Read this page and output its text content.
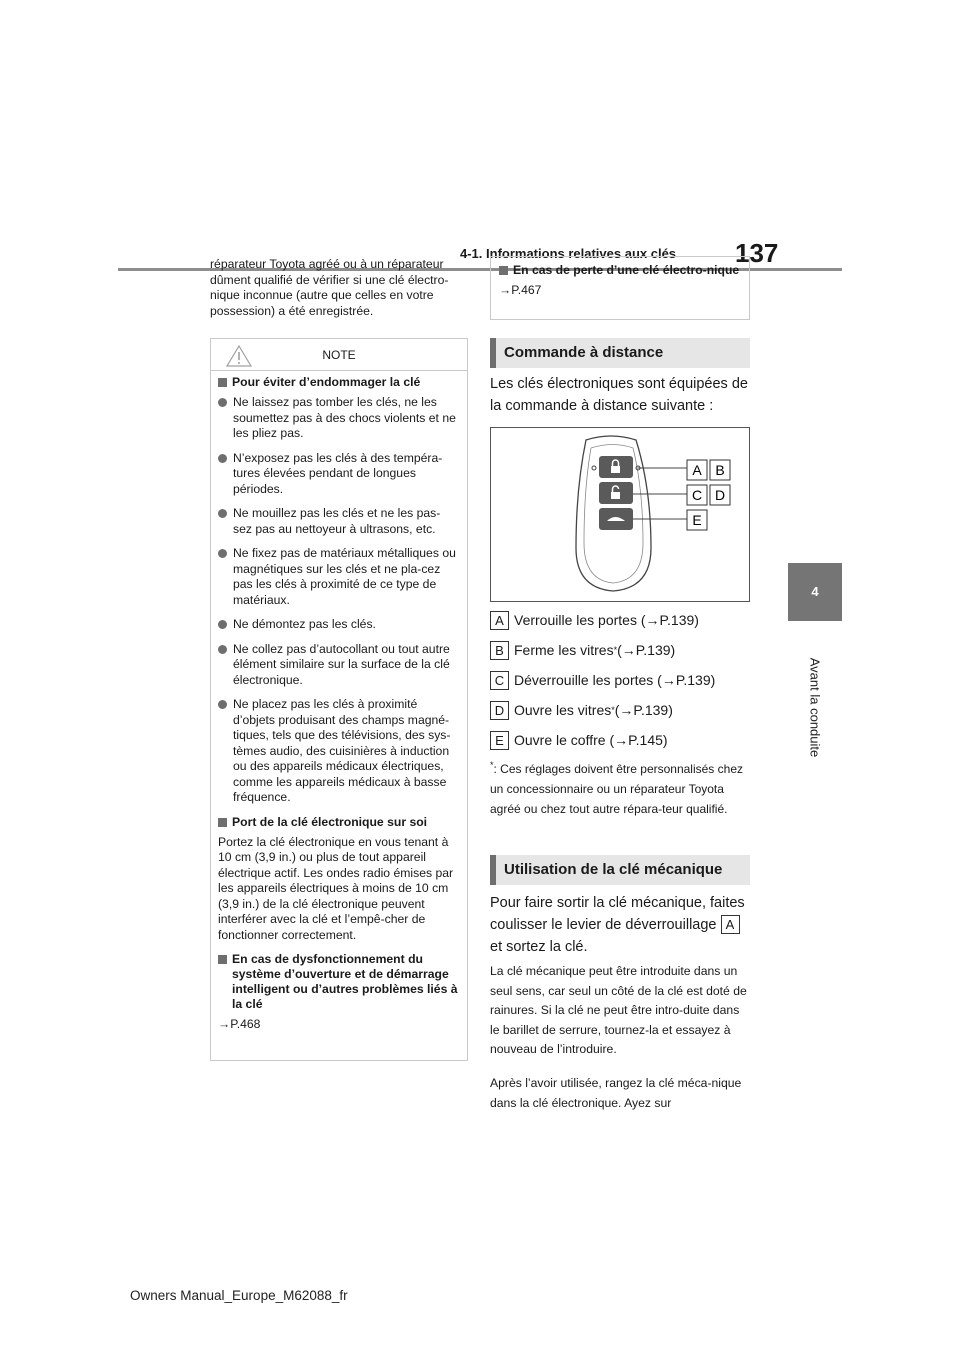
4-1. Informations relatives aux clés	137
4
Avant la conduite

réparateur Toyota agréé ou à un réparateur dûment qualifié de vérifier si une clé électro-nique inconnue (autre que celles en votre possession) a été enregistrée.

NOTE
Pour éviter d’endommager la clé
Ne laissez pas tomber les clés, ne les soumettez pas à des chocs violents et ne les pliez pas.
N’exposez pas les clés à des tempéra-tures élevées pendant de longues périodes.
Ne mouillez pas les clés et ne les pas-sez pas au nettoyeur à ultrasons, etc.
Ne fixez pas de matériaux métalliques ou magnétiques sur les clés et ne pla-cez pas les clés à proximité de ce type de matériaux.
Ne démontez pas les clés.
Ne collez pas d’autocollant ou tout autre élément similaire sur la surface de la clé électronique.
Ne placez pas les clés à proximité d’objets produisant des champs magné-tiques, tels que des télévisions, des sys-tèmes audio, des cuisinières à induction ou des appareils médicaux électriques, comme les appareils médicaux à basse fréquence.
Port de la clé électronique sur soi

Portez la clé électronique en vous tenant à 10 cm (3,9 in.) ou plus de tout appareil électrique actif. Les ondes radio émises par les appareils électriques à moins de 10 cm (3,9 in.) de la clé électronique peuvent interférer avec la clé et l’empê-cher de fonctionner correctement.

En cas de dysfonctionnement du système d’ouverture et de démarrage intelligent ou d’autres problèmes liés à la clé

→P.468

En cas de perte d’une clé électro-nique

→P.467

Commande à distance

Les clés électroniques sont équipées de la commande à distance suivante :

A B
C D
E
A Verrouille les portes (→P.139)
B Ferme les vitres * (→P.139)
C Déverrouille les portes (→P.139)
D Ouvre les vitres * (→P.139)
E Ouvre le coffre (→P.145)
*: Ces réglages doivent être personnalisés chez un concessionnaire ou un réparateur Toyota agréé ou chez tout autre répara-teur qualifié.
Utilisation de la clé mécanique

Pour faire sortir la clé mécanique, faites coulisser le levier de déverrouillage A
et sortez la clé.

La clé mécanique peut être introduite dans un seul sens, car seul un côté de la clé est doté de rainures. Si la clé ne peut être intro-duite dans le barillet de serrure, tournez-la et essayez à nouveau de l’introduire.

Après l’avoir utilisée, rangez la clé méca-nique dans la clé électronique. Ayez sur

Owners Manual_Europe_M62088_fr
